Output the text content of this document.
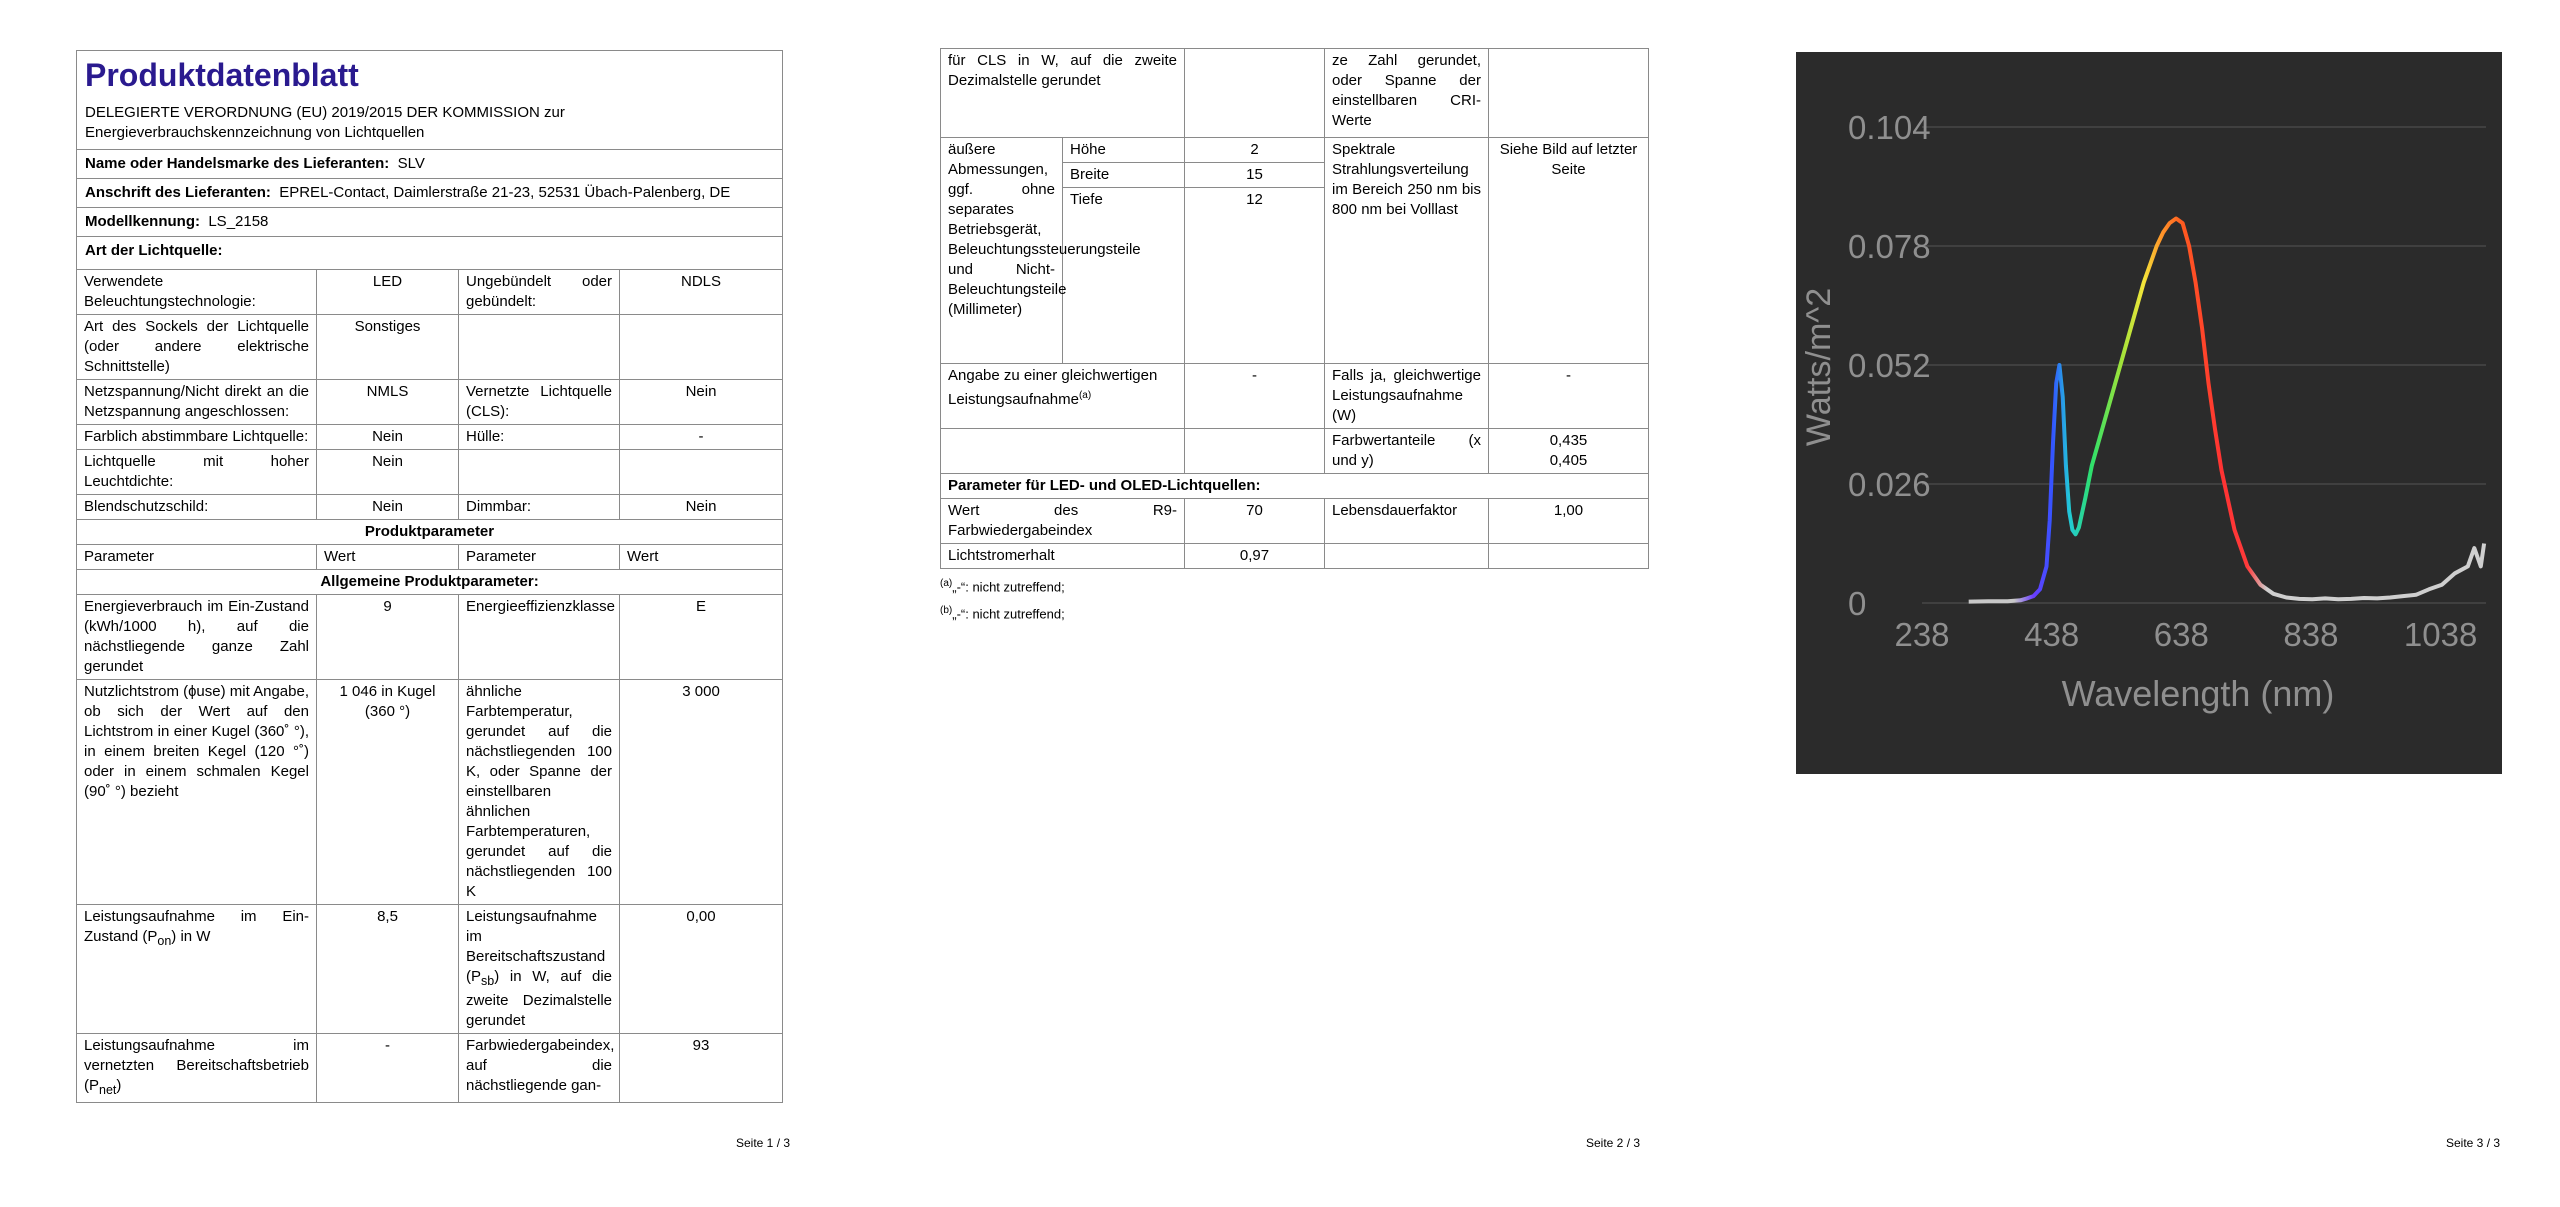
Produktdatenblatt
DELEGIERTE VERORDNUNG (EU) 2019/2015 DER KOMMISSION zur Energieverbrauchskennzeichnung von Lichtquellen			

Name oder Handelsmarke des Lieferanten: SLV			
Anschrift des Lieferanten: EPREL-Contact, Daimlerstraße 21-23, 52531 Übach-Palenberg, DE			
Modellkennung: LS_2158			
Art der Lichtquelle:			
Verwendete Beleuchtungstechnologie:	LED	Ungebündelt oder gebündelt:	NDLS
Art des Sockels der Lichtquelle (oder andere elektrische Schnittstelle)	Sonstiges		
Netzspannung/Nicht direkt an die Netzspannung angeschlossen:	NMLS	Vernetzte Lichtquelle (CLS):	Nein
Farblich abstimmbare Lichtquelle:	Nein	Hülle:	-
Lichtquelle mit hoher Leuchtdichte:	Nein		
Blendschutzschild:	Nein	Dimmbar:	Nein
Produktparameter			
Parameter	Wert	Parameter	Wert
Allgemeine Produktparameter:			
Energieverbrauch im Ein-Zustand (kWh/1000 h), auf die nächstliegende ganze Zahl gerundet	9	Energieeffizienzklasse	E
Nutzlichtstrom (ɸuse) mit Angabe, ob sich der Wert auf den Lichtstrom in einer Kugel (360˚ °), in einem breiten Kegel (120 °˚) oder in einem schmalen Kegel (90˚ °) bezieht	1 046 in Kugel (360 °)	ähnliche Farbtemperatur, gerundet auf die nächstliegenden 100 K, oder Spanne der einstellbaren ähnlichen Farbtemperaturen, gerundet auf die nächstliegenden 100 K	3 000
Leistungsaufnahme im Ein-Zustand $(P_{on})$ in W	8,5	Leistungsaufnahme im Bereitschaftszustand $(P_{sb})$ in W, auf die zweite Dezimalstelle gerundet	0,00
Leistungsaufnahme im vernetzten Bereitschaftsbetrieb $(P_{net})$	-	Farbwiedergabeindex, auf die nächstliegende gan-	93
Seite 1 / 3
für CLS in W, auf die zweite Dezimalstelle gerundet			ze Zahl gerundet, oder Spanne der einstellbaren CRI-Werte	
äußere Abmessungen, ggf. ohne separates Betriebsgerät, Beleuchtungssteuerungsteile und Nicht-Beleuchtungsteile (Millimeter)	Höhe	2	Spektrale Strahlungsverteilung im Bereich 250 nm bis 800 nm bei Volllast	Siehe Bild auf letzter Seite
	Breite	15		
	Tiefe	12		
Angabe zu einer gleichwertigen Leistungsaufnahme$^{(a)}$		-	Falls ja, gleichwertige Leistungsaufnahme (W)	-
			Farbwertanteile (x und y)	0,435
0,405

Parameter für LED- und OLED-Lichtquellen:				
Wert des R9-Farbwiedergabeindex		70	Lebensdauerfaktor	1,00
Lichtstromerhalt		0,97		
Seite 2 / 3
$^{(a)}$„-“: nicht zutreffend;
$^{(b)}$„-“: nicht zutreffend;
Seite 3 / 3
0
0.026
0.052
0.078
0.104
238 438 638 838 1038
Wavelength (nm)
Watts/m^2
